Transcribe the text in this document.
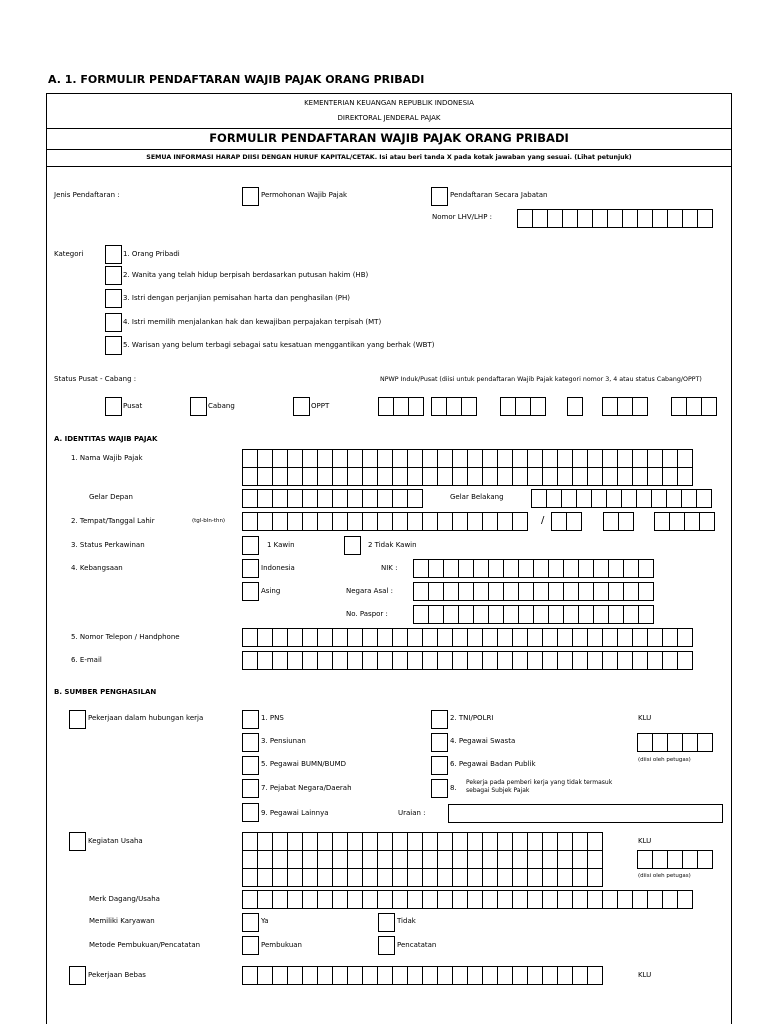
A. 1. FORMULIR PENDAFTARAN WAJIB PAJAK ORANG PRIBADI
KEMENTERIAN KEUANGAN REPUBLIK INDONESIA
DIREKTORAL JENDERAL PAJAK
FORMULIR PENDAFTARAN WAJIB PAJAK ORANG PRIBADI
SEMUA INFORMASI HARAP DIISI DENGAN HURUF KAPITAL/CETAK. Isi atau beri tanda X pada kotak jawaban yang sesuai. (Lihat petunjuk)
Jenis Pendaftaran :	Permohonan Wajib Pajak	Pendaftaran Secara Jabatan
Nomor LHV/LHP :
Kategori	1. Orang Pribadi
2. Wanita yang telah hidup berpisah berdasarkan putusan hakim (HB)
3. Istri dengan perjanjian pemisahan harta dan penghasilan (PH)
4. Istri memilih menjalankan hak dan kewajiban perpajakan terpisah (MT)
5. Warisan yang belum terbagi sebagai satu kesatuan menggantikan yang berhak (WBT)
Status Pusat - Cabang :	NPWP Induk/Pusat (diisi untuk pendaftaran Wajib Pajak kategori nomor 3, 4 atau status Cabang/OPPT)
Pusat	Cabang	OPPT
A. IDENTITAS WAJIB PAJAK
1. Nama Wajib Pajak
Gelar Depan	Gelar Belakang
2. Tempat/Tanggal Lahir	(tgl-bln-thn)	/
3. Status Perkawinan	1 Kawin	2 Tidak Kawin
4. Kebangsaan	Indonesia	NIK :
Asing	Negara Asal :
No. Paspor :
5. Nomor Telepon / Handphone
6. E-mail
B. SUMBER PENGHASILAN
Pekerjaan dalam hubungan kerja	1. PNS	2. TNI/POLRI	KLU
3. Pensiunan	4. Pegawai Swasta
5. Pegawai BUMN/BUMD	6. Pegawai Badan Publik	(diisi oleh petugas)
7. Pejabat Negara/Daerah	8.
Pekerja pada pemberi kerja yang tidak termasuk sebagai Subjek Pajak
9. Pegawai Lainnya	Uraian :
Kegiatan Usaha	KLU
(diisi oleh petugas)
Merk Dagang/Usaha
Memiliki Karyawan	Ya	Tidak
Metode Pembukuan/Pencatatan	Pembukuan	Pencatatan
Pekerjaan Bebas	KLU
